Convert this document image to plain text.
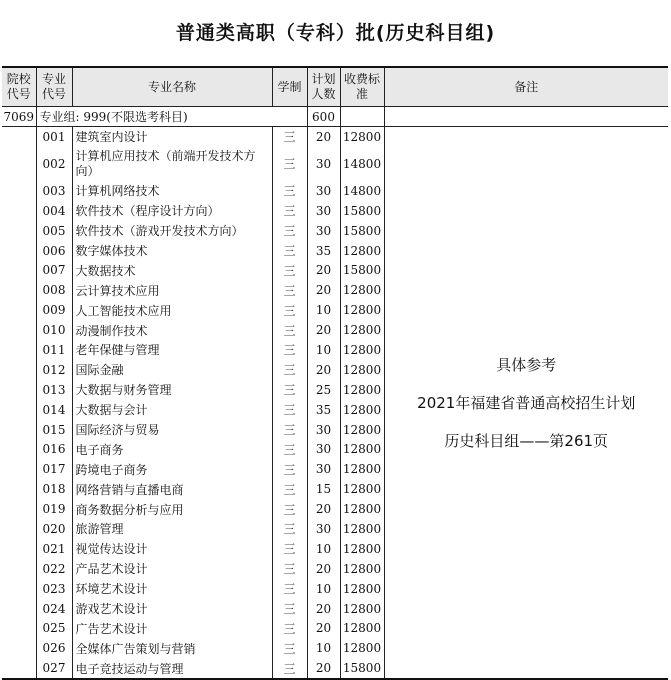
普通类高职（专科）批(历史科目组)
院校代号	专业代号	专业名称	学制	计划人数	收费标准	备注
7069	专业组: 999(不限选考科目)			600		
	001	建筑室内设计	三	20	12800	具体参考
2021年福建省普通高校招生计划
历史科目组——第261页

	002	计算机应用技术（前端开发技术方向）	三	30	14800	
	003	计算机网络技术	三	30	14800	
	004	软件技术（程序设计方向）	三	30	15800	
	005	软件技术（游戏开发技术方向）	三	30	15800	
	006	数字媒体技术	三	35	12800	
	007	大数据技术	三	20	15800	
	008	云计算技术应用	三	20	12800	
	009	人工智能技术应用	三	10	12800	
	010	动漫制作技术	三	20	12800	
	011	老年保健与管理	三	10	12800	
	012	国际金融	三	20	12800	
	013	大数据与财务管理	三	25	12800	
	014	大数据与会计	三	35	12800	
	015	国际经济与贸易	三	30	12800	
	016	电子商务	三	30	12800	
	017	跨境电子商务	三	30	12800	
	018	网络营销与直播电商	三	15	12800	
	019	商务数据分析与应用	三	20	12800	
	020	旅游管理	三	30	12800	
	021	视觉传达设计	三	10	12800	
	022	产品艺术设计	三	20	12800	
	023	环境艺术设计	三	10	12800	
	024	游戏艺术设计	三	20	12800	
	025	广告艺术设计	三	20	12800	
	026	全媒体广告策划与营销	三	10	12800	
	027	电子竞技运动与管理	三	20	15800	
